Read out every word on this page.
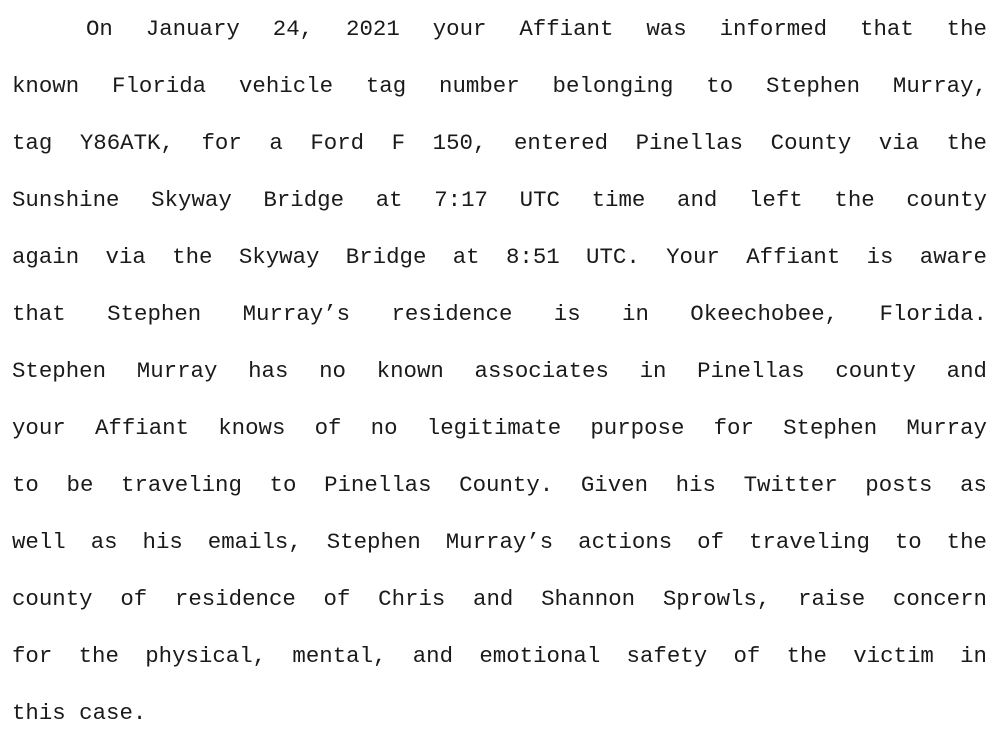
On January 24, 2021 your Affiant was informed that the
known Florida vehicle tag number belonging to Stephen Murray,
tag Y86ATK, for a Ford F 150, entered Pinellas County via the
Sunshine Skyway Bridge at 7:17 UTC time and left the county
again via the Skyway Bridge at 8:51 UTC. Your Affiant is aware
that Stephen Murray’s residence is in Okeechobee, Florida.
Stephen Murray has no known associates in Pinellas county and
your Affiant knows of no legitimate purpose for Stephen Murray
to be traveling to Pinellas County. Given his Twitter posts as
well as his emails, Stephen Murray’s actions of traveling to the
county of residence of Chris and Shannon Sprowls, raise concern
for the physical, mental, and emotional safety of the victim in
this case.
